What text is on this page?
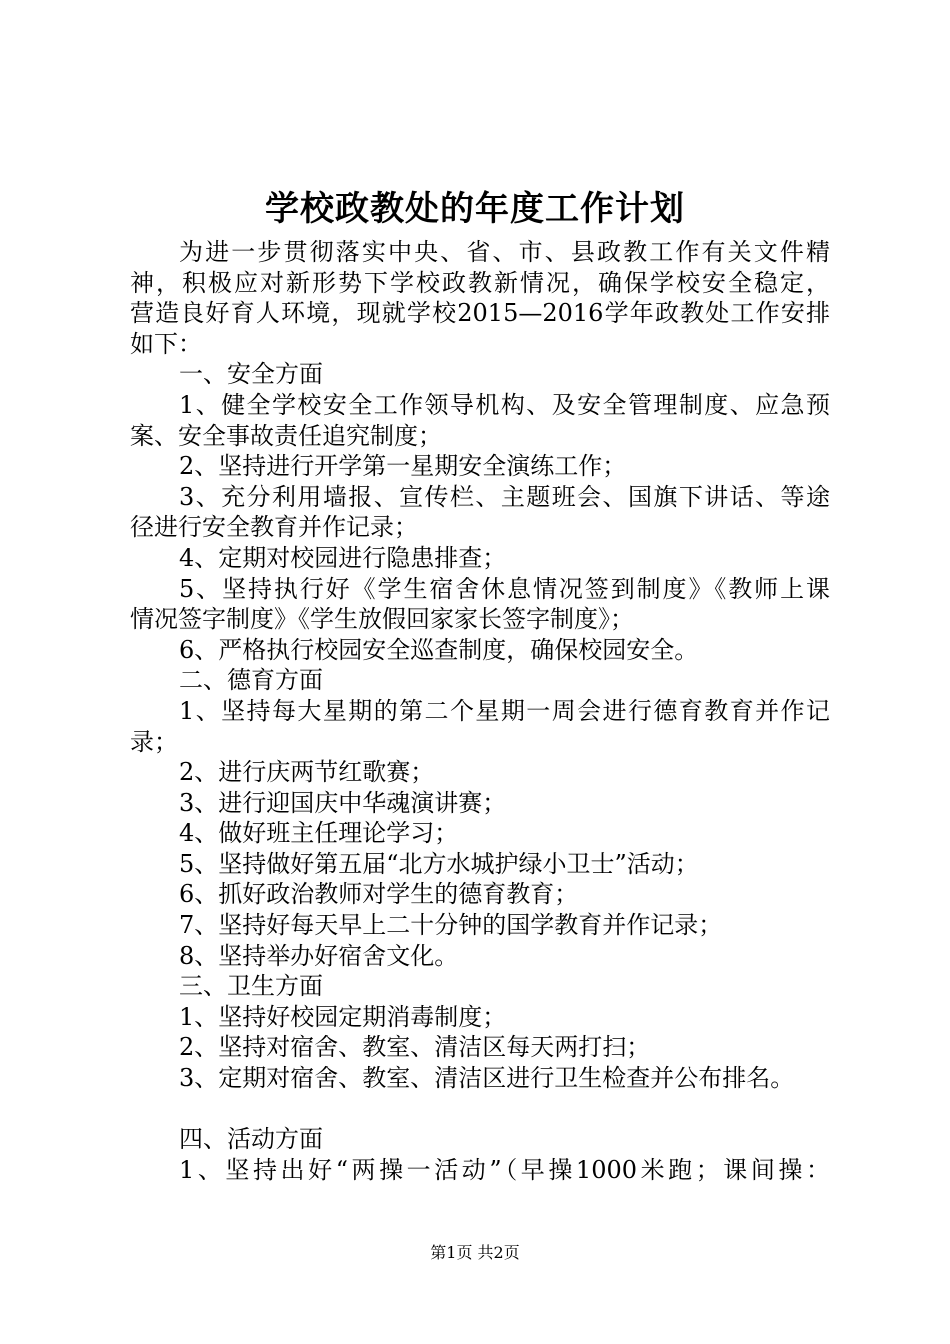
学校政教处的年度工作计划
为进一步贯彻落实中央、省、市、县政教工作有关文件精
神，积极应对新形势下学校政教新情况，确保学校安全稳定，
营造良好育人环境，现就学校2015—2016学年政教处工作安排
如下：
一、安全方面
1、健全学校安全工作领导机构、及安全管理制度、应急预
案、安全事故责任追究制度；
2、坚持进行开学第一星期安全演练工作；
3、充分利用墙报、宣传栏、主题班会、国旗下讲话、等途
径进行安全教育并作记录；
4、定期对校园进行隐患排查；
5、坚持执行好《学生宿舍休息情况签到制度》《教师上课
情况签字制度》《学生放假回家家长签字制度》；
6、严格执行校园安全巡查制度，确保校园安全。
二、德育方面
1、坚持每大星期的第二个星期一周会进行德育教育并作记
录；
2、进行庆两节红歌赛；
3、进行迎国庆中华魂演讲赛；
4、做好班主任理论学习；
5、坚持做好第五届“北方水城护绿小卫士”活动；
6、抓好政治教师对学生的德育教育；
7、坚持好每天早上二十分钟的国学教育并作记录；
8、坚持举办好宿舍文化。
三、卫生方面
1、坚持好校园定期消毒制度；
2、坚持对宿舍、教室、清洁区每天两打扫；
3、定期对宿舍、教室、清洁区进行卫生检查并公布排名。
四、活动方面
1、坚持出好“两操一活动”（早操1000米跑；课间操：
第1页 共2页
